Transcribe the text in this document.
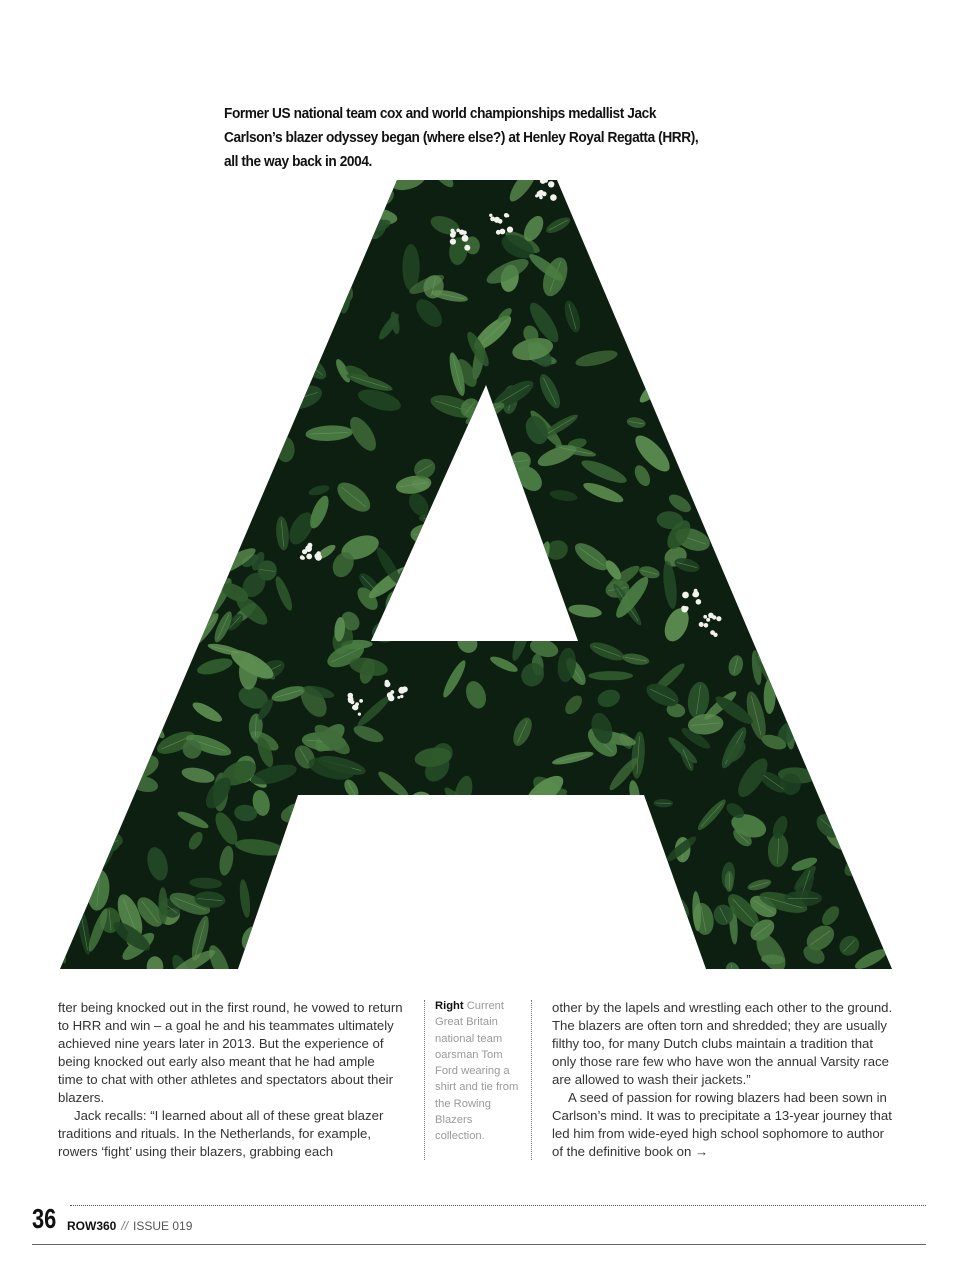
Former US national team cox and world championships medallist Jack Carlson’s blazer odyssey began (where else?) at Henley Royal Regatta (HRR), all the way back in 2004.

fter being knocked out in the first round, he vowed to return to HRR and win – a goal he and his teammates ultimately achieved nine years later in 2013. But the experience of being knocked out early also meant that he had ample time to chat with other athletes and spectators about their blazers.

Jack recalls: “I learned about all of these great blazer traditions and rituals. In the Netherlands, for example, rowers ‘fight’ using their blazers, grabbing each

Right Current Great Britain national team oarsman Tom Ford wearing a shirt and tie from the Rowing Blazers collection.

other by the lapels and wrestling each other to the ground. The blazers are often torn and shredded; they are usually filthy too, for many Dutch clubs maintain a tradition that only those rare few who have won the annual Varsity race are allowed to wash their jackets.”

A seed of passion for rowing blazers had been sown in Carlson’s mind. It was to precipitate a 13-year journey that led him from wide-eyed high school sophomore to author of the definitive book on →

36 ROW360 // ISSUE 019
